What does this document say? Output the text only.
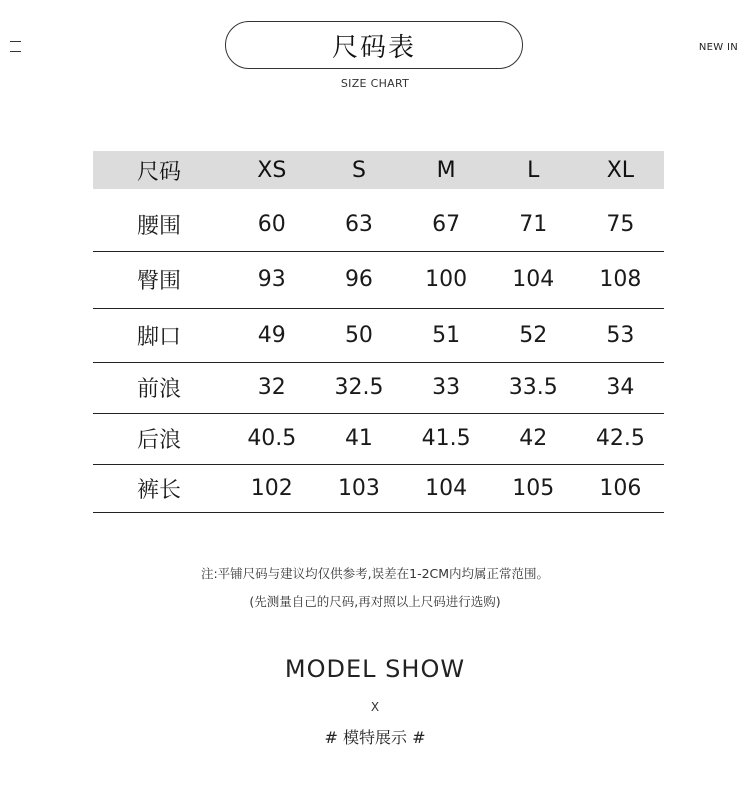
NEW IN
尺码表
SIZE CHART
尺码	XS	S	M	L	XL

腰围	60	63	67	71	75
臀围	93	96	100	104	108
脚口	49	50	51	52	53
前浪	32	32.5	33	33.5	34
后浪	40.5	41	41.5	42	42.5
裤长	102	103	104	105	106
注:平铺尺码与建议均仅供参考,误差在1-2CM内均属正常范围。
(先测量自己的尺码,再对照以上尺码进行选购)
MODEL SHOW
X
# 模特展示 #
